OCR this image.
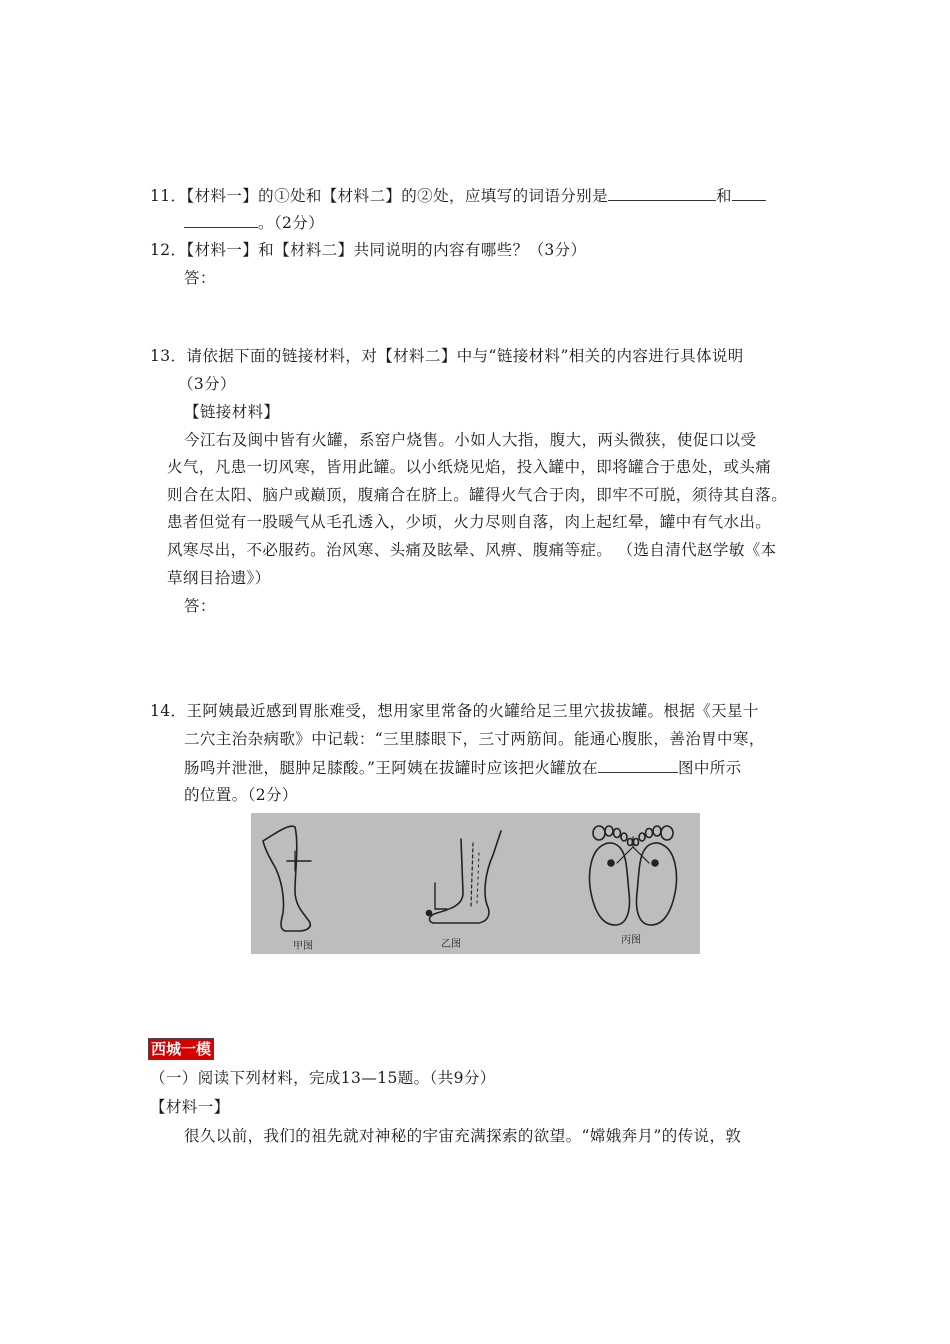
11．【材料一】的①处和【材料二】的②处，应填写的词语分别是	和
。（2分）
12．【材料一】和【材料二】共同说明的内容有哪些？（3分）
答：
13．请依据下面的链接材料，对【材料二】中与“链接材料”相关的内容进行具体说明
（3分）
【链接材料】
今江右及闽中皆有火罐，系窑户烧售。小如人大指，腹大，两头微狭，使促口以受
火气，凡患一切风寒，皆用此罐。以小纸烧见焰，投入罐中，即将罐合于患处，或头痛
则合在太阳、脑户或巅顶，腹痛合在脐上。罐得火气合于肉，即牢不可脱，须待其自落。
患者但觉有一股暖气从毛孔透入，少顷，火力尽则自落，肉上起红晕，罐中有气水出。
风寒尽出，不必服药。治风寒、头痛及眩晕、风痹、腹痛等症。 （选自清代赵学敏《本
草纲目拾遗》）
答：
14．王阿姨最近感到胃胀难受，想用家里常备的火罐给足三里穴拔拔罐。根据《天星十
二穴主治杂病歌》中记载：“三里膝眼下，三寸两筋间。能通心腹胀，善治胃中寒，
肠鸣并泄泄，腿肿足膝酸。”王阿姨在拔罐时应该把火罐放在	图中所示
的位置。（2分）
甲图	乙图	丙图
西城一模
（一）阅读下列材料，完成13—15题。（共9分）
【材料一】
很久以前，我们的祖先就对神秘的宇宙充满探索的欲望。“嫦娥奔月”的传说，敦
